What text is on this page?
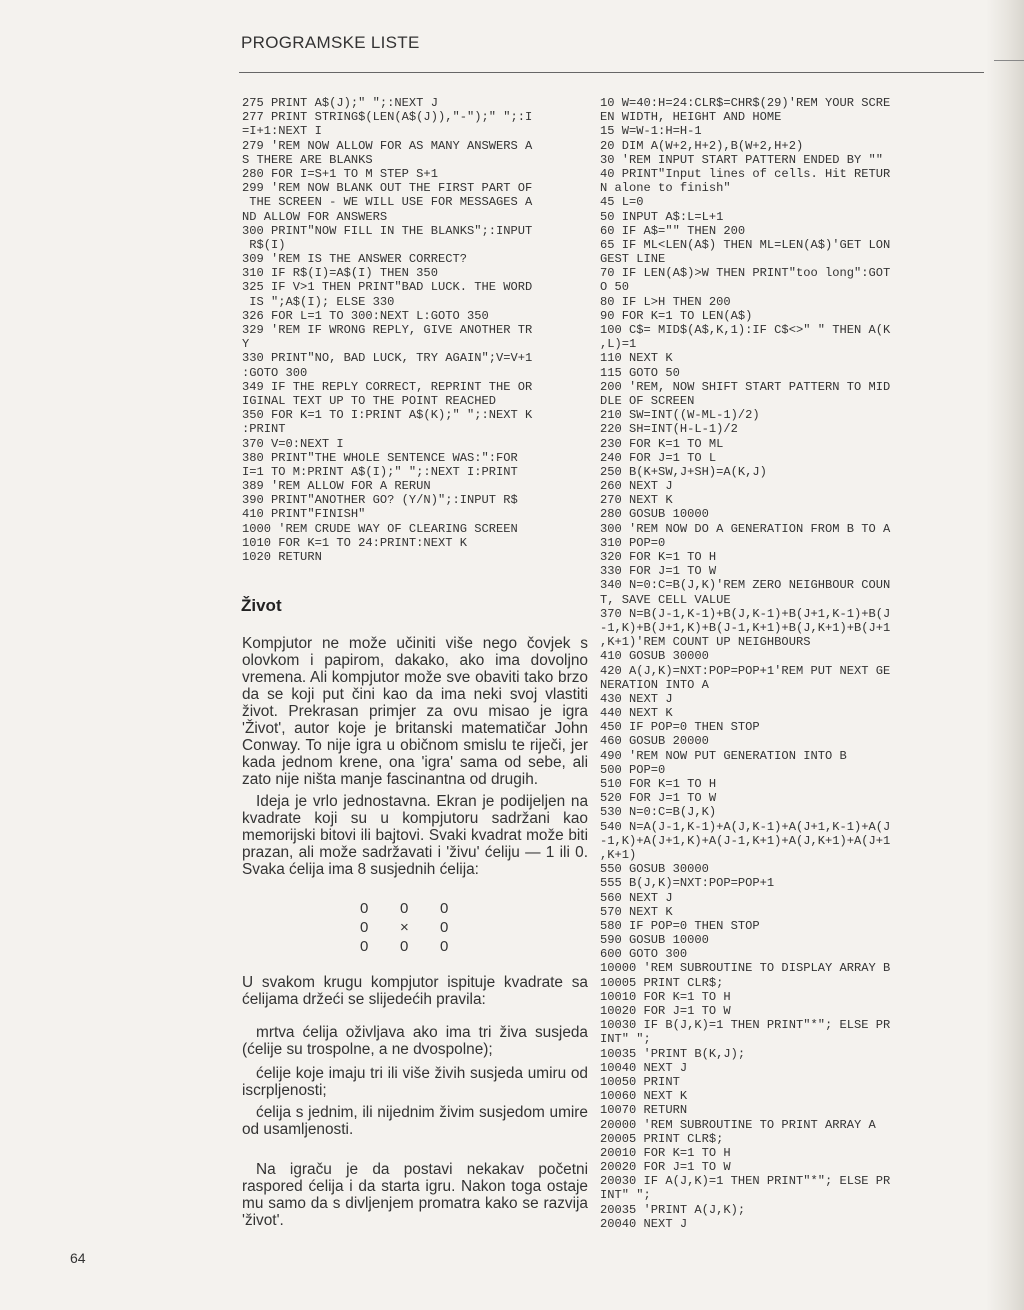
PROGRAMSKE LISTE
275 PRINT A$(J);" ";:NEXT J
277 PRINT STRING$(LEN(A$(J)),"-");" ";:I
=I+1:NEXT I
279 'REM NOW ALLOW FOR AS MANY ANSWERS A
S THERE ARE BLANKS
280 FOR I=S+1 TO M STEP S+1
299 'REM NOW BLANK OUT THE FIRST PART OF
THE SCREEN - WE WILL USE FOR MESSAGES A
ND ALLOW FOR ANSWERS
300 PRINT"NOW FILL IN THE BLANKS";:INPUT
R$(I)
309 'REM IS THE ANSWER CORRECT?
310 IF R$(I)=A$(I) THEN 350
325 IF V>1 THEN PRINT"BAD LUCK. THE WORD
IS ";A$(I); ELSE 330
326 FOR L=1 TO 300:NEXT L:GOTO 350
329 'REM IF WRONG REPLY, GIVE ANOTHER TR
Y
330 PRINT"NO, BAD LUCK, TRY AGAIN";V=V+1
:GOTO 300
349 IF THE REPLY CORRECT, REPRINT THE OR
IGINAL TEXT UP TO THE POINT REACHED
350 FOR K=1 TO I:PRINT A$(K);" ";:NEXT K
:PRINT
370 V=0:NEXT I
380 PRINT"THE WHOLE SENTENCE WAS:":FOR
I=1 TO M:PRINT A$(I);" ";:NEXT I:PRINT
389 'REM ALLOW FOR A RERUN
390 PRINT"ANOTHER GO? (Y/N)";:INPUT R$
410 PRINT"FINISH"
1000 'REM CRUDE WAY OF CLEARING SCREEN
1010 FOR K=1 TO 24:PRINT:NEXT K
1020 RETURN
10 W=40:H=24:CLR$=CHR$(29)'REM YOUR SCRE
EN WIDTH, HEIGHT AND HOME
15 W=W-1:H=H-1
20 DIM A(W+2,H+2),B(W+2,H+2)
30 'REM INPUT START PATTERN ENDED BY ""
40 PRINT"Input lines of cells. Hit RETUR
N alone to finish"
45 L=0
50 INPUT A$:L=L+1
60 IF A$="" THEN 200
65 IF ML<LEN(A$) THEN ML=LEN(A$)'GET LON
GEST LINE
70 IF LEN(A$)>W THEN PRINT"too long":GOT
O 50
80 IF L>H THEN 200
90 FOR K=1 TO LEN(A$)
100 C$= MID$(A$,K,1):IF C$<>" " THEN A(K
,L)=1
110 NEXT K
115 GOTO 50
200 'REM, NOW SHIFT START PATTERN TO MID
DLE OF SCREEN
210 SW=INT((W-ML-1)/2)
220 SH=INT(H-L-1)/2
230 FOR K=1 TO ML
240 FOR J=1 TO L
250 B(K+SW,J+SH)=A(K,J)
260 NEXT J
270 NEXT K
280 GOSUB 10000
300 'REM NOW DO A GENERATION FROM B TO A
310 POP=0
320 FOR K=1 TO H
330 FOR J=1 TO W
340 N=0:C=B(J,K)'REM ZERO NEIGHBOUR COUN
T, SAVE CELL VALUE
370 N=B(J-1,K-1)+B(J,K-1)+B(J+1,K-1)+B(J
-1,K)+B(J+1,K)+B(J-1,K+1)+B(J,K+1)+B(J+1
,K+1)'REM COUNT UP NEIGHBOURS
410 GOSUB 30000
420 A(J,K)=NXT:POP=POP+1'REM PUT NEXT GE
NERATION INTO A
430 NEXT J
440 NEXT K
450 IF POP=0 THEN STOP
460 GOSUB 20000
490 'REM NOW PUT GENERATION INTO B
500 POP=0
510 FOR K=1 TO H
520 FOR J=1 TO W
530 N=0:C=B(J,K)
540 N=A(J-1,K-1)+A(J,K-1)+A(J+1,K-1)+A(J
-1,K)+A(J+1,K)+A(J-1,K+1)+A(J,K+1)+A(J+1
,K+1)
550 GOSUB 30000
555 B(J,K)=NXT:POP=POP+1
560 NEXT J
570 NEXT K
580 IF POP=0 THEN STOP
590 GOSUB 10000
600 GOTO 300
10000 'REM SUBROUTINE TO DISPLAY ARRAY B
10005 PRINT CLR$;
10010 FOR K=1 TO H
10020 FOR J=1 TO W
10030 IF B(J,K)=1 THEN PRINT"*"; ELSE PR
INT" ";
10035 'PRINT B(K,J);
10040 NEXT J
10050 PRINT
10060 NEXT K
10070 RETURN
20000 'REM SUBROUTINE TO PRINT ARRAY A
20005 PRINT CLR$;
20010 FOR K=1 TO H
20020 FOR J=1 TO W
20030 IF A(J,K)=1 THEN PRINT"*"; ELSE PR
INT" ";
20035 'PRINT A(J,K);
20040 NEXT J
Život

Kompjutor ne može učiniti više nego čovjek s olovkom i papirom, dakako, ako ima dovoljno vremena. Ali kompjutor može sve obaviti tako brzo da se koji put čini kao da ima neki svoj vlastiti život. Prekrasan primjer za ovu misao je igra 'Život', autor koje je britanski matematičar John Conway. To nije igra u običnom smislu te riječi, jer kada jednom krene, ona 'igra' sama od sebe, ali zato nije ništa manje fascinantna od drugih.

Ideja je vrlo jednostavna. Ekran je podijeljen na kvadrate koji su u kompjutoru sadržani kao memorijski bitovi ili bajtovi. Svaki kvadrat može biti prazan, ali može sadržavati i 'živu' ćeliju — 1 ili 0. Svaka ćelija ima 8 susjednih ćelija:

0	0	0
0	×	0
0	0	0

U svakom krugu kompjutor ispituje kvadrate sa ćelijama držeći se slijedećih pravila:

mrtva ćelija oživljava ako ima tri živa susjeda (ćelije su trospolne, a ne dvospolne);

ćelije koje imaju tri ili više živih susjeda umiru od iscrpljenosti;

ćelija s jednim, ili nijednim živim susjedom umire od usamljenosti.

Na igraču je da postavi nekakav početni raspored ćelija i da starta igru. Nakon toga ostaje mu samo da s divljenjem promatra kako se razvija 'život'.

64
